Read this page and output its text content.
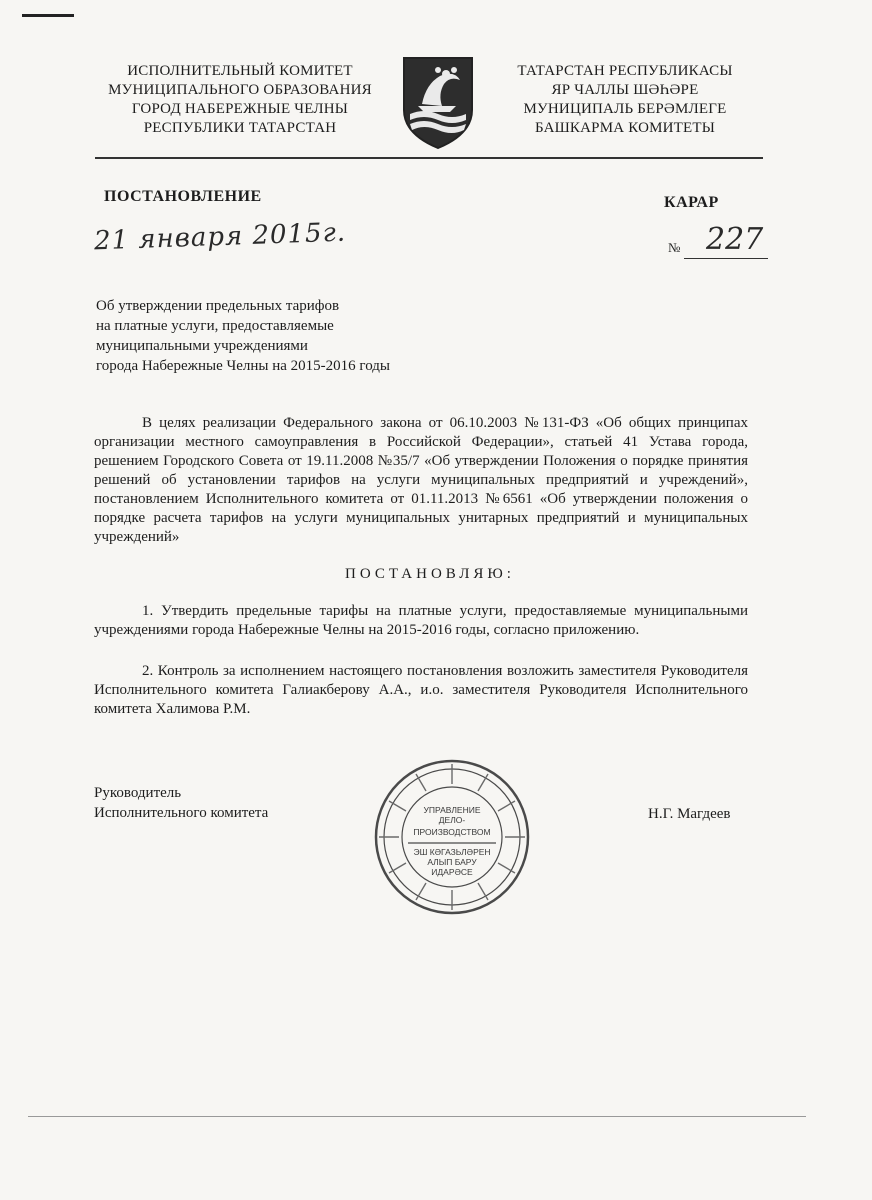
ИСПОЛНИТЕЛЬНЫЙ КОМИТЕТ
МУНИЦИПАЛЬНОГО ОБРАЗОВАНИЯ
ГОРОД НАБЕРЕЖНЫЕ ЧЕЛНЫ
РЕСПУБЛИКИ ТАТАРСТАН
ТАТАРСТАН РЕСПУБЛИКАСЫ
ЯР ЧАЛЛЫ ШӘҺӘРЕ
МУНИЦИПАЛЬ БЕРӘМЛЕГЕ
БАШКАРМА КОМИТЕТЫ
ПОСТАНОВЛЕНИЕ	КАРАР
21 января 2015г.	№ 227
Об утверждении предельных тарифов
на платные услуги, предоставляемые
муниципальными учреждениями
города Набережные Челны на 2015-2016 годы
В целях реализации Федерального закона от 06.10.2003 №131-ФЗ «Об общих принципах организации местного самоуправления в Российской Федерации», статьей 41 Устава города, решением Городского Совета от 19.11.2008 №35/7 «Об утверждении Положения о порядке принятия решений об установлении тарифов на услуги муниципальных предприятий и учреждений», постановлением Исполнительного комитета от 01.11.2013 №6561 «Об утверждении положения о порядке расчета тарифов на услуги муниципальных унитарных предприятий и муниципальных учреждений»
ПОСТАНОВЛЯЮ:
1. Утвердить предельные тарифы на платные услуги, предоставляемые муниципальными учреждениями города Набережные Челны на 2015-2016 годы, согласно приложению.
2. Контроль за исполнением настоящего постановления возложить заместителя Руководителя Исполнительного комитета Галиакберову А.А., и.о. заместителя Руководителя Исполнительного комитета Халимова Р.М.
Руководитель
Исполнительного комитета	УПРАВЛЕНИЕ
ДЕЛО-
ПРОИЗВОДСТВОМ
ЭШ КӘГАЗЬЛӘРЕН
АЛЫП БАРУ
ИДАРӘСЕ
Н.Г. Магдеев
